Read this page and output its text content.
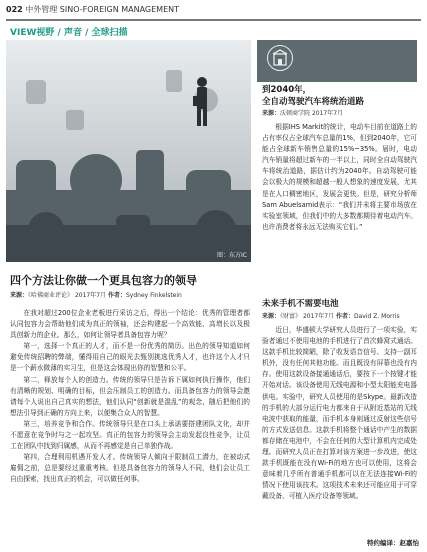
022 中外管理 SINO-FOREIGN MANAGEMENT
VIEW视野 / 声音 / 全球扫描
图：东方IC
四个方法让你做一个更具包容力的领导
来源：《哈佛商业评论》 2017年7月 作者：Sydney Finkelstein

在我对超过200位企业老板进行采访之后，得出一个结论：优秀的管理者都认同包容力会帮助他们成为真正的领袖，还会构建起一个高效能、高增长以及极具创新力的企业。那么，如何让领导者具备包容力呢？

第一，选择一个真正的人才，而不是一份优秀的简历。出色的领导知道如何避免传统招聘的弊端，懂得用自己的眼光去甄别挑选优秀人才，也许这个人才只是一个薪水微薄的实习生，但是这会体现出你的智慧和公平。

第二，释放每个人的创造力。传统的领导只是告诉下属如何执行操作，他们有清晰的规划、明确的目标，但会压制员工的创造力。而具备包容力的领导会邀请每个人说出自己真实的想法，他们认同“创新就是混乱”的观念，随后把他们的想法引导到正确的方向上来，以便集合众人的智慧。

第三，培养竞争和合作。传统领导只是在口头上承诺要搭建团队文化，却并不愿意在竞争时与之一起攻坚。真正的包容力的领导会主动发起良性竞争，让员工在团队中找到归属感，从而不再感觉是自己单独作战。

第四，合理利用机遇开发人才。传统领导人倾向于限制员工潜力，在被动式雇佣之前，总是要经过重重考核。但是具备包容力的领导人不同，他们会让员工自由探索，找出真正的机会，可以做任何事。

到2040年，
全自动驾驶汽车将统治道路
来源：沃顿商学院 2017年7月

根据IHS Markit的统计，电动车目前在道路上的占有率仅占全球汽车总量的1%，但到2040年，它可能占全球新车销售总量的15%~35%。届时，电动汽车销量将超过新车的一半以上，同时全自动驾驶汽车将统治道路，据估计约为2040年。自动驾驶可能会以极大的规模和超越一般人想象的速度发展，尤其是在人口稠密地区，发展会更快。但是，研究分析师Sam Abuelsamid表示：“我们并未将主要市场放在实验室领域，但我们中的大多数都期待着电动汽车。也许消费者将永远无法购买它们。”

未来手机不需要电池
来源：《财富》 2017年7月 作者：David Z. Morris

近日，华盛顿大学研究人员进行了一项实验，实验者通过不使用电池的手机进行了首次蜂窝式通话。这款手机比较简陋，除了收发语音信号、支持一副耳机外，没有任何其他功能。而且既没有屏幕也没有内存。使用这款设备接通通话后，要按下一个按键才能开始对话。该设备使用无线电源和小型太阳能充电器供电。实验中，研究人员使用的是Skype。最新改造的手机的大部分运行电力都来自于从附近基站的无线电波中获取的能量，而手机本身则通过反射这些信号的方式发送信息。这款手机将整个通话中产生的数据都存储在电池中，不会在任何的大型计算机内完成处理。而研究人员正在打算对该方案进一步改进，使这款手机既能在没有Wi-Fi的地方也可以使用，这将会意味着几乎所有普通手机都可以在无法连接Wi-Fi的情况下使用该技术。这项技术未来还可能应用于可穿戴设备、可植入医疗设备等领域。

特约编译：赵嘉怡
